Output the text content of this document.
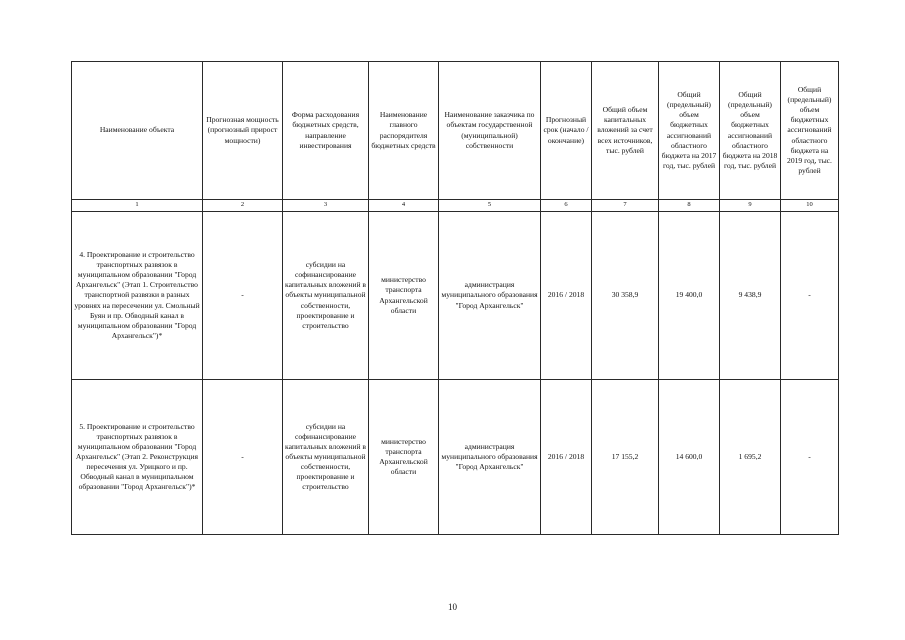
Наименование объекта	Прогнозная мощность (прогнозный прирост мощности)	Форма расходования бюджетных средств, направление инвестирования	Наименование главного распорядителя бюджетных средств	Наименование заказчика по объектам государственной (муниципальной) собственности	Прогнозный срок (начало / окончание)	Общий объем капитальных вложений за счет всех источников, тыс. рублей	Общий (предельный) объем бюджетных ассигнований областного бюджета на 2017 год, тыс. рублей	Общий (предельный) объем бюджетных ассигнований областного бюджета на 2018 год, тыс. рублей	Общий (предельный) объем бюджетных ассигнований областного бюджета на 2019 год, тыс. рублей
1	2	3	4	5	6	7	8	9	10
4. Проектирование и строительство транспортных развязок в муниципальном образовании "Город Архангельск" (Этап 1. Строительство транспортной развязки в разных уровнях на пересечении ул. Смольный Буян и пр. Обводный канал в муниципальном образовании "Город Архангельск")*	-	субсидии на софинансирование капитальных вложений в объекты муниципальной собственности, проектирование и строительство	министерство транспорта Архангельской области	администрация муниципального образования "Город Архангельск"	2016 / 2018	30 358,9	19 400,0	9 438,9	-
5. Проектирование и строительство транспортных развязок в муниципальном образовании "Город Архангельск" (Этап 2. Реконструкция пересечения ул. Урицкого и пр. Обводный канал в муниципальном образовании "Город Архангельск")*	-	субсидии на софинансирование капитальных вложений в объекты муниципальной собственности, проектирование и строительство	министерство транспорта Архангельской области	администрация муниципального образования "Город Архангельск"	2016 / 2018	17 155,2	14 600,0	1 695,2	-
10
